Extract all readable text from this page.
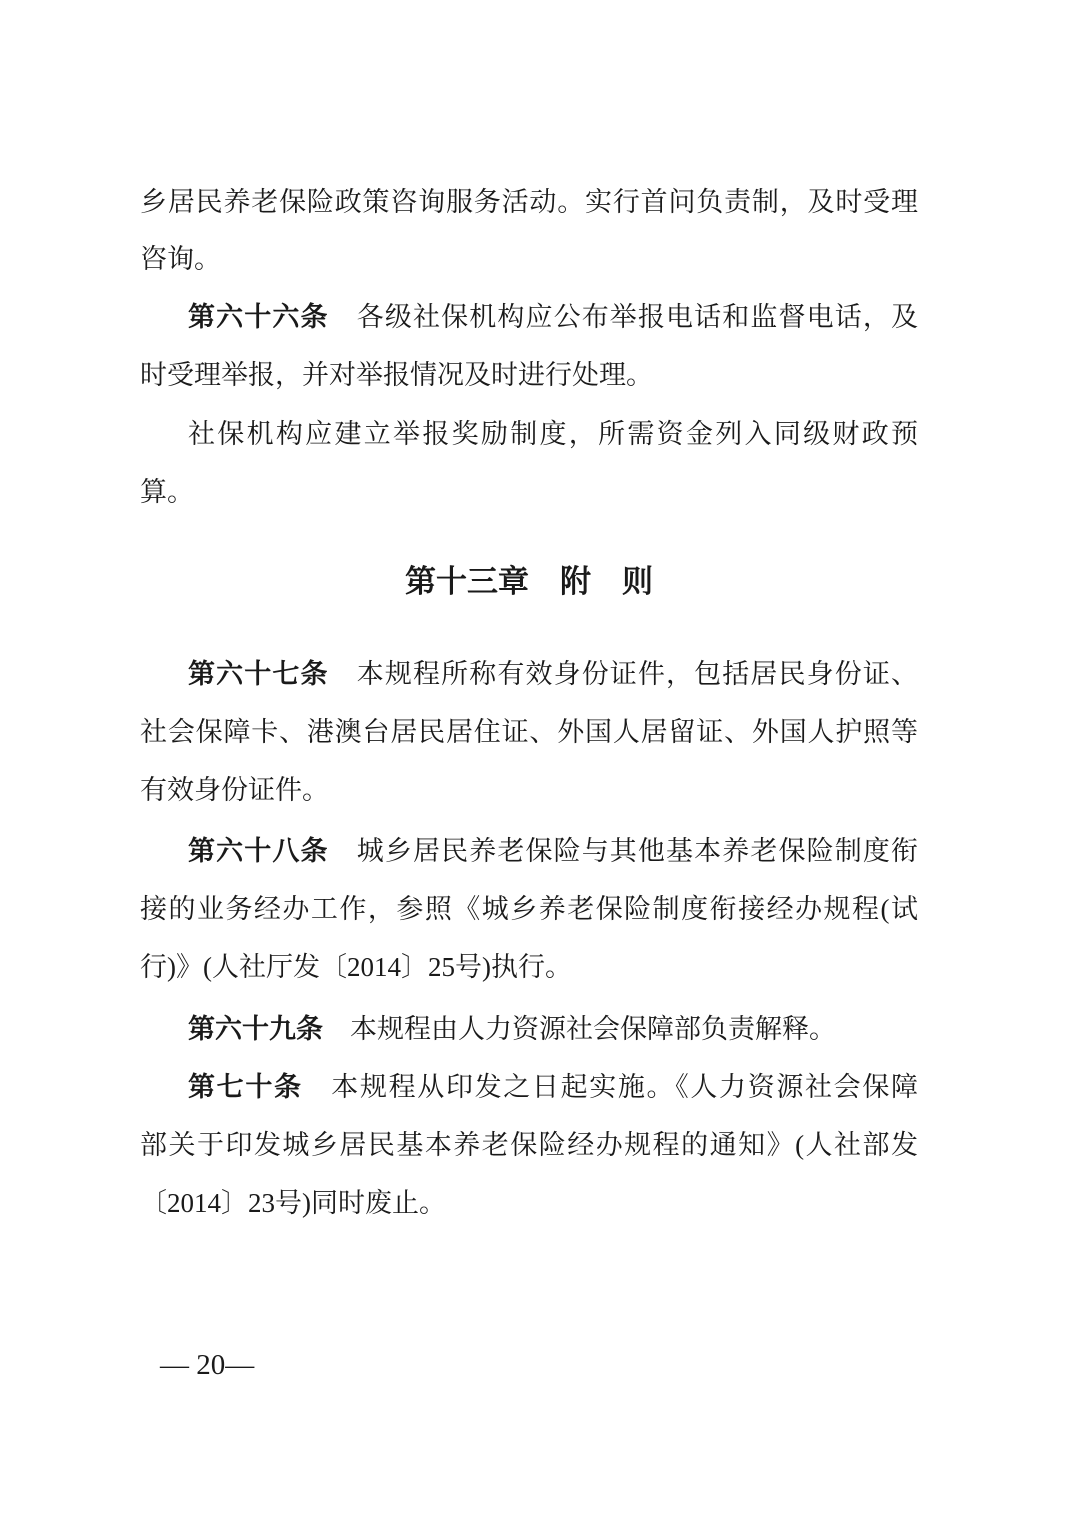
乡居民养老保险政策咨询服务活动。实行首问负责制，及时受理
咨询。
第六十六条　各级社保机构应公布举报电话和监督电话，及
时受理举报，并对举报情况及时进行处理。
社保机构应建立举报奖励制度，所需资金列入同级财政预
算。
第十三章　附　则
第六十七条　本规程所称有效身份证件，包括居民身份证、
社会保障卡、港澳台居民居住证、外国人居留证、外国人护照等
有效身份证件。
第六十八条　城乡居民养老保险与其他基本养老保险制度衔
接的业务经办工作，参照《城乡养老保险制度衔接经办规程(试
行)》(人社厅发〔2014〕25号)执行。
第六十九条　本规程由人力资源社会保障部负责解释。
第七十条　本规程从印发之日起实施。《人力资源社会保障
部关于印发城乡居民基本养老保险经办规程的通知》(人社部发
〔2014〕23号)同时废止。
— 20—
